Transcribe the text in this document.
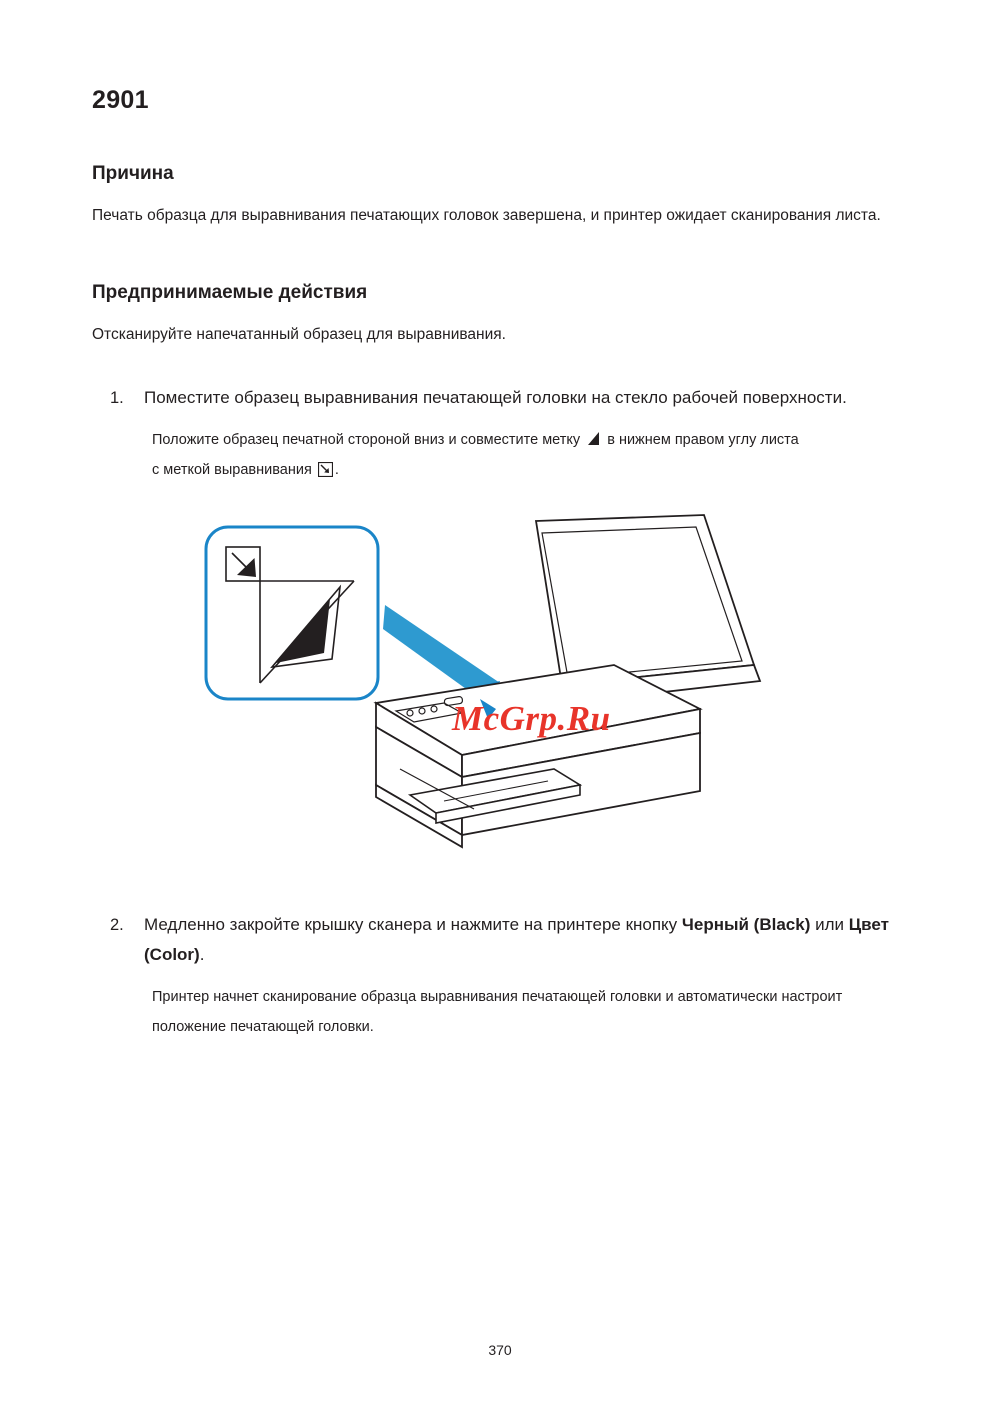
2901
Причина

Печать образца для выравнивания печатающих головок завершена, и принтер ожидает сканирования листа.

Предпринимаемые действия

Отсканируйте напечатанный образец для выравнивания.

1. Поместите образец выравнивания печатающей головки на стекло рабочей поверхности.

Положите образец печатной стороной вниз и совместите метку в нижнем правом углу листа
с меткой выравнивания .

McGrp.Ru
2. Медленно закройте крышку сканера и нажмите на принтере кнопку Черный (Black) или Цвет (Color).

Принтер начнет сканирование образца выравнивания печатающей головки и автоматически настроит положение печатающей головки.

370
